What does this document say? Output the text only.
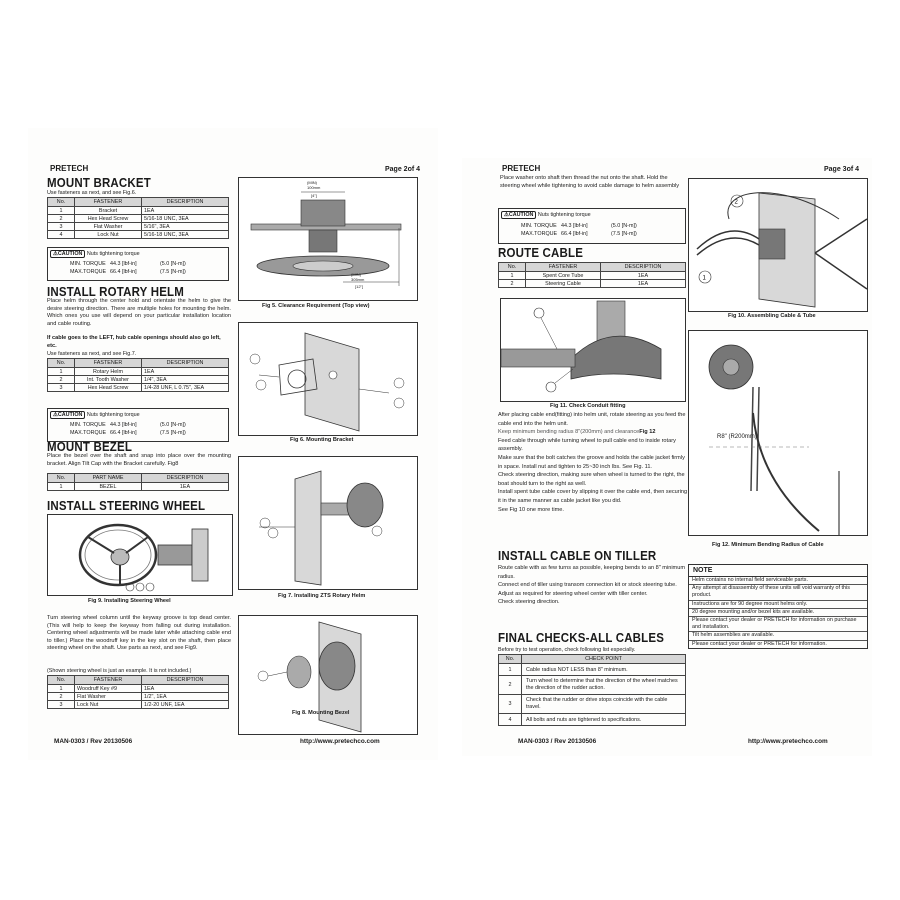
PRETECH	Page 2of 4
MOUNT BRACKET
Use fasteners as next, and see Fig.6.
No.	FASTENER	DESCRIPTION
1	Bracket	1EA
2	Hex Head Screw	5/16-18 UNC, 3EA
3	Flat Washer	5/16", 3EA
4	Lock Nut	5/16-18 UNC, 3EA
⚠CAUTION Nuts tightening torque
MIN. TORQUE 44.3 [lbf-in]	(5.0 [N-m])
MAX.TORQUE 66.4 [lbf-in]	(7.5 [N-m])
INSTALL ROTARY HELM
Place helm through the center hold and orientate the helm to give the desire steering direction. There are multiple holes for mounting the helm. Which ones you use will depend on your particular installation location and cable routing.
If cable goes to the LEFT, hub cable openings should also go left, etc.
Use fasteners as next, and see Fig.7.
No.	FASTENER	DESCRIPTION
1	Rotary Helm	1EA
2	Int. Tooth Washer	1/4", 3EA
3	Hex Head Screw	1/4-28 UNF, L 0.75", 3EA
⚠CAUTION Nuts tightening torque
MIN. TORQUE 44.3 [lbf-in]	(5.0 [N-m])
MAX.TORQUE 66.4 [lbf-in]	(7.5 [N-m])
MOUNT BEZEL
Place the bezel over the shaft and snap into place over the mounting bracket. Align Tilt Cap with the Bracket carefully. Fig8
No.	PART NAME	DESCRIPTION
1	BEZEL	1EA
INSTALL STEERING WHEEL
Fig 9. Installing Steering Wheel
Turn steering wheel column until the keyway groove is top dead center. (This will help to keep the keyway from falling out during installation. Centering wheel adjustments will be made later while attaching cable end to tiller.) Place the woodruff key in the key slot on the shaft, then place steering wheel on the shaft. Use parts as next, and see Fig9.
(Shown steering wheel is just an example. It is not included.)
No.	FASTENER	DESCRIPTION
1	Woodruff Key #9	1EA
2	Flat Washer	1/2", 1EA
3	Lock Nut	1/2-20 UNF, 1EA
(MIN)
100mm
[4"]
(MIN)
305mm
[12"]
Fig 5. Clearance Requirement (Top view)
Fig 6. Mounting Bracket
Fig 7. Installing ZTS Rotary Helm
Fig 8. Mounting Bezel
MAN-0303 / Rev 20130506	http://www.pretechco.com
PRETECH	Page 3of 4
Place washer onto shaft then thread the nut onto the shaft. Hold the steering wheel while tightening to avoid cable damage to helm assembly
⚠CAUTION Nuts tightening torque
MIN. TORQUE 44.3 [lbf-in]	(5.0 [N-m])
MAX.TORQUE 66.4 [lbf-in]	(7.5 [N-m])
ROUTE CABLE
No.	FASTENER	DESCRIPTION
1	Spent Core Tube	1EA
2	Steering Cable	1EA
Fig 11. Check Conduit fitting
After placing cable end(fitting) into helm unit, rotate steering as you feed the cable end into the helm unit.
Keep minimum bending radius 8"(200mm) and clearanceFig 12
Feed cable through while turning wheel to pull cable end to inside rotary assembly.
Make sure that the bolt catches the groove and holds the cable jacket firmly in space. Install nut and tighten to 25~30 inch lbs. See Fig. 11.
Check steering direction, making sure when wheel is turned to the right, the boat should turn to the right as well.
Install spent tube cable cover by slipping it over the cable end, then securing it in the same manner as cable jacket like you did.
See Fig 10 one more time.
INSTALL CABLE ON TILLER
Route cable with as few turns as possible, keeping bends to an 8" minimum radius.
Connect end of tiller using transom connection kit or stock steering tube.
Adjust as required for steering wheel center with tiller center.
Check steering direction.
FINAL CHECKS-ALL CABLES
Before try to test operation, check following list especially.
No.	CHECK POINT
1	Cable radius NOT LESS than 8" minimum.
2	Turn wheel to determine that the direction of the wheel matches the direction of the rudder action.
3	Check that the rudder or drive stops coincide with the cable travel.
4	All bolts and nuts are tightened to specifications.
2
1
Fig 10. Assembling Cable & Tube
R8" (R200mm)
Fig 12. Minimum Bending Radius of Cable
NOTE
Helm contains no internal field serviceable parts.
Any attempt at disassembly of these units will void warranty of this product.
Instructions are for 90 degree mount helms only.
20 degree mounting and/or bezel kits are available.
Please contact your dealer or PRETECH for information on purchase and installation.
Tilt helm assemblies are available.
Please contact your dealer or PRETECH for information.
MAN-0303 / Rev 20130506	http://www.pretechco.com
